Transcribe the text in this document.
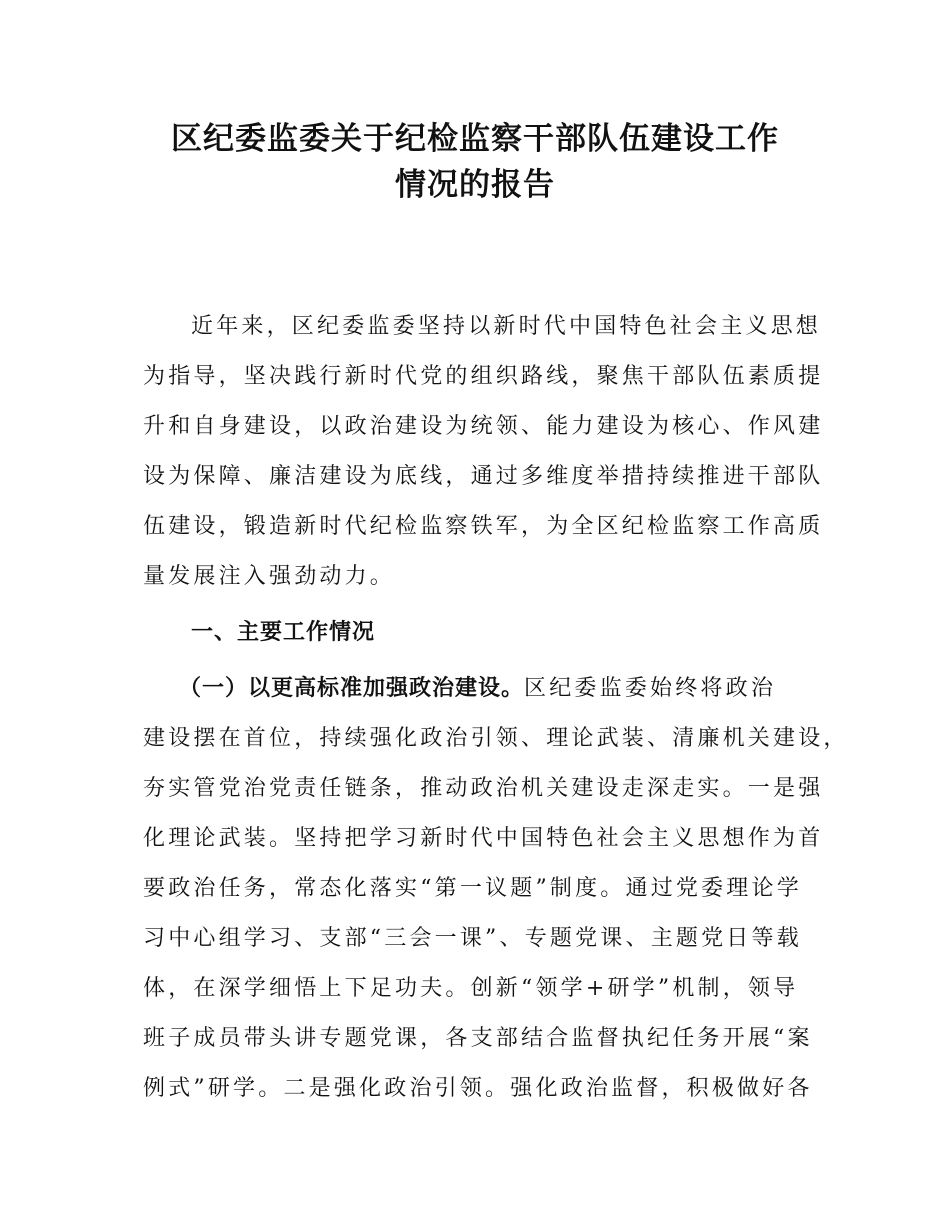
区纪委监委关于纪检监察干部队伍建设工作
情况的报告

近年来，区纪委监委坚持以新时代中国特色社会主义思想
为指导，坚决践行新时代党的组织路线，聚焦干部队伍素质提
升和自身建设，以政治建设为统领、能力建设为核心、作风建
设为保障、廉洁建设为底线，通过多维度举措持续推进干部队
伍建设，锻造新时代纪检监察铁军，为全区纪检监察工作高质
量发展注入强劲动力。

一、主要工作情况

（一）以更高标准加强政治建设。区纪委监委始终将政治
建设摆在首位，持续强化政治引领、理论武装、清廉机关建设，
夯实管党治党责任链条，推动政治机关建设走深走实。一是强
化理论武装。坚持把学习新时代中国特色社会主义思想作为首
要政治任务，常态化落实“第一议题”制度。通过党委理论学
习中心组学习、支部“三会一课”、专题党课、主题党日等载
体，在深学细悟上下足功夫。创新“领学+研学”机制，领导
班子成员带头讲专题党课，各支部结合监督执纪任务开展“案
例式”研学。二是强化政治引领。强化政治监督，积极做好各
